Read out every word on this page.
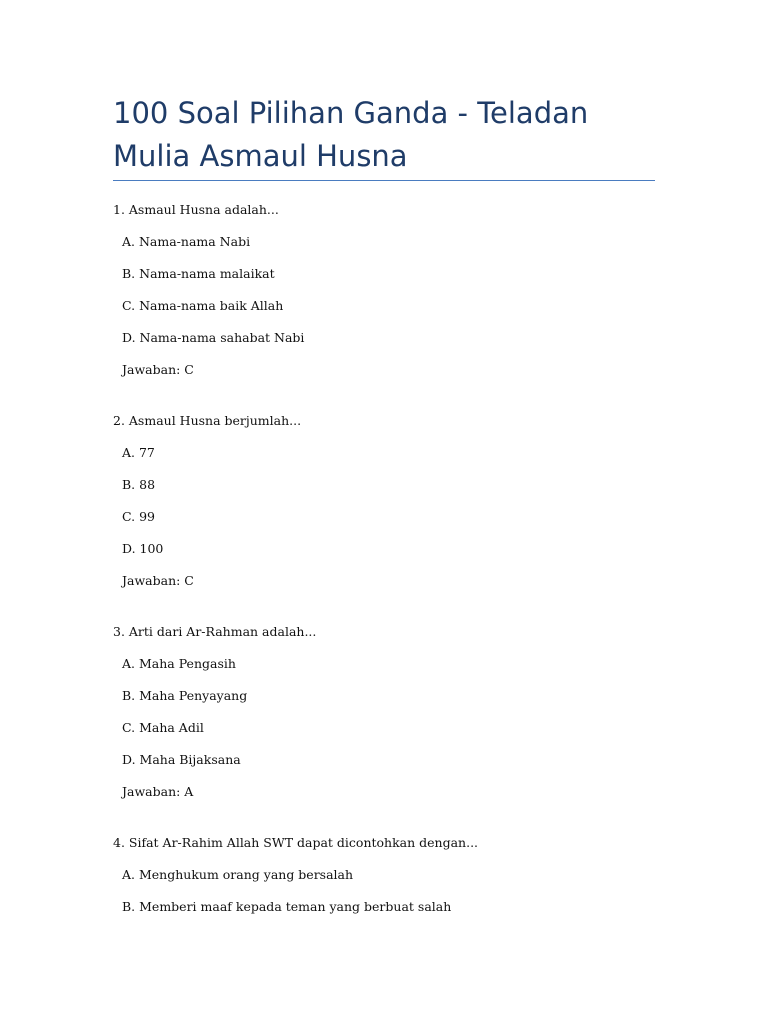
100 Soal Pilihan Ganda - Teladan Mulia Asmaul Husna
1. Asmaul Husna adalah...
A. Nama-nama Nabi
B. Nama-nama malaikat
C. Nama-nama baik Allah
D. Nama-nama sahabat Nabi
Jawaban: C
2. Asmaul Husna berjumlah...
A. 77
B. 88
C. 99
D. 100
Jawaban: C
3. Arti dari Ar-Rahman adalah...
A. Maha Pengasih
B. Maha Penyayang
C. Maha Adil
D. Maha Bijaksana
Jawaban: A
4. Sifat Ar-Rahim Allah SWT dapat dicontohkan dengan...
A. Menghukum orang yang bersalah
B. Memberi maaf kepada teman yang berbuat salah
